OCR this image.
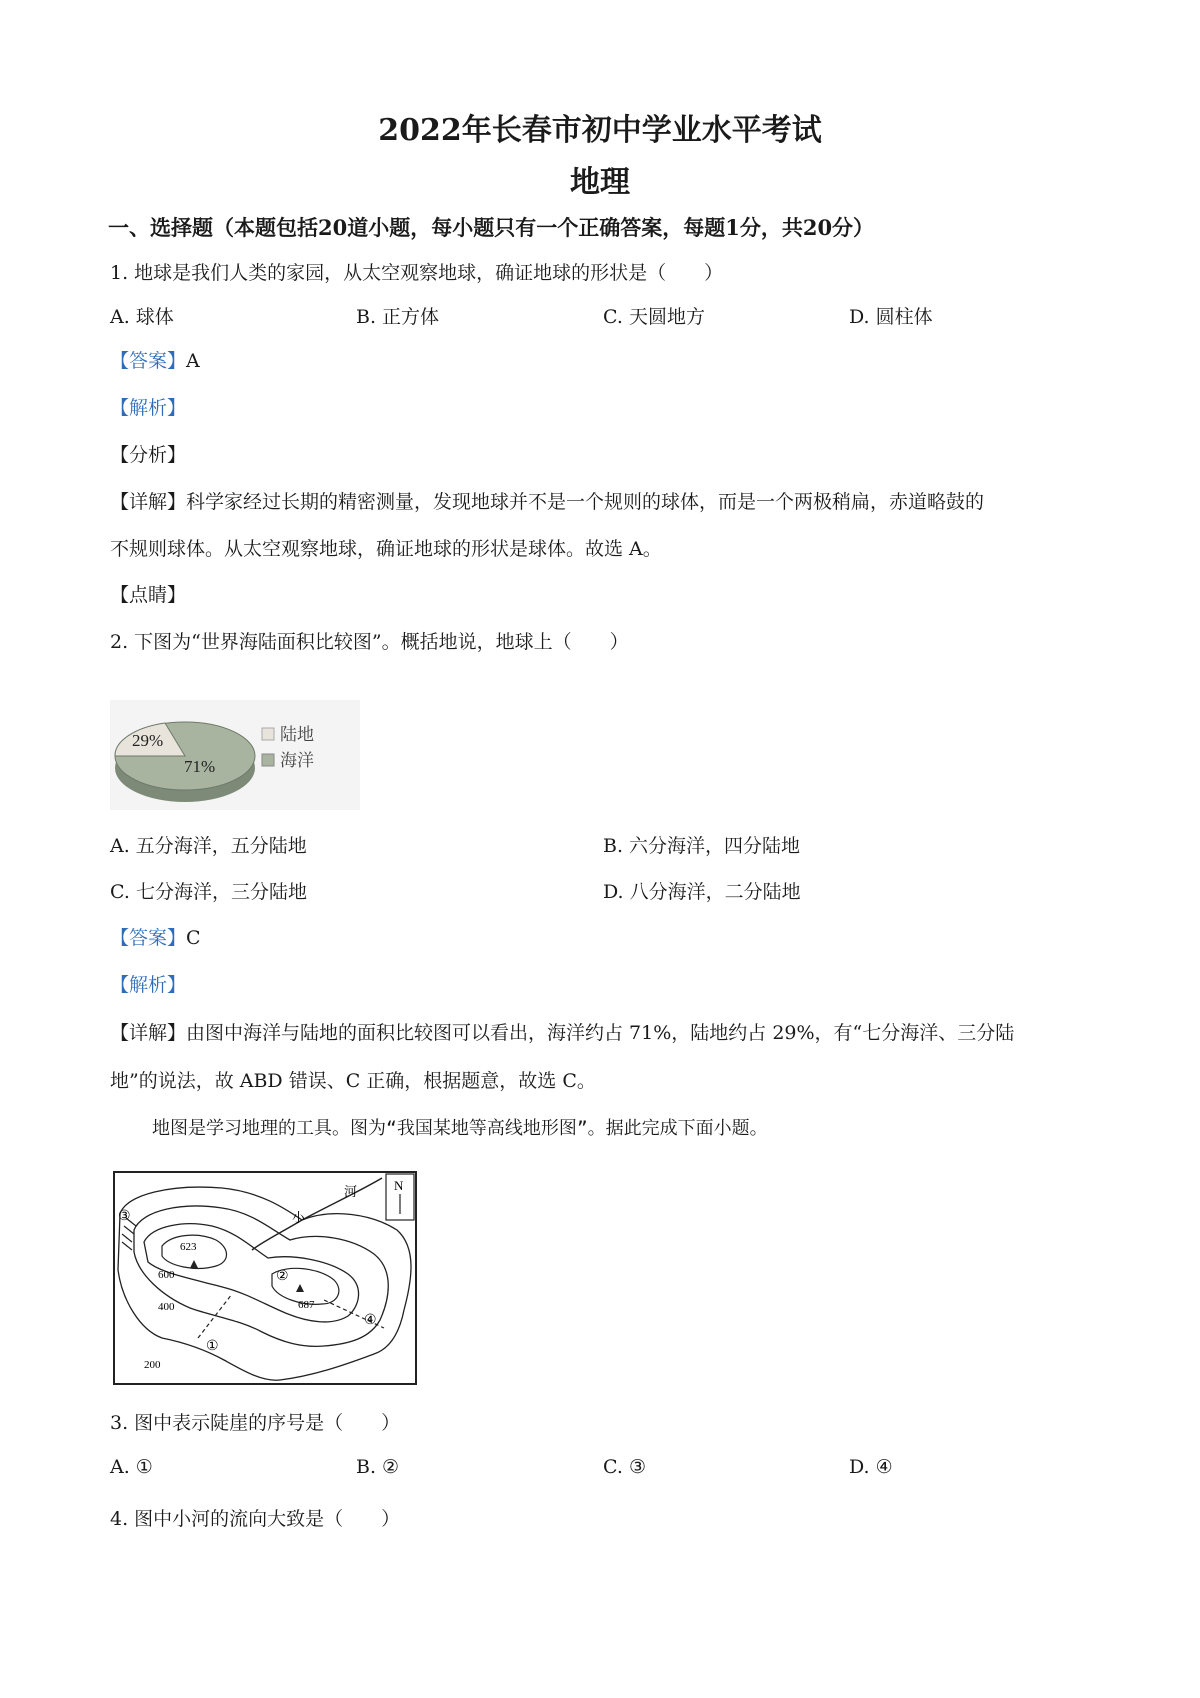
2022年长春市初中学业水平考试
地理
一、选择题（本题包括20道小题，每小题只有一个正确答案，每题1分，共20分）
1. 地球是我们人类的家园，从太空观察地球，确证地球的形状是（　　）
A. 球体	B. 正方体	C. 天圆地方	D. 圆柱体
【答案】A
【解析】
【分析】
【详解】科学家经过长期的精密测量，发现地球并不是一个规则的球体，而是一个两极稍扁，赤道略鼓的
不规则球体。从太空观察地球，确证地球的形状是球体。故选 A。
【点睛】
2. 下图为“世界海陆面积比较图”。概括地说，地球上（　　）
29%
71%
陆地
海洋
A. 五分海洋，五分陆地	B. 六分海洋，四分陆地
C. 七分海洋，三分陆地	D. 八分海洋，二分陆地
【答案】C
【解析】
【详解】由图中海洋与陆地的面积比较图可以看出，海洋约占 71%，陆地约占 29%，有“七分海洋、三分陆
地”的说法，故 ABD 错误、C 正确，根据题意，故选 C。
地图是学习地理的工具。图为“我国某地等高线地形图”。据此完成下面小题。
N
623
687
600
400
200
小
河
③
②
①
④
3. 图中表示陡崖的序号是（　　）
A. ①	B. ②	C. ③	D. ④
4. 图中小河的流向大致是（　　）
